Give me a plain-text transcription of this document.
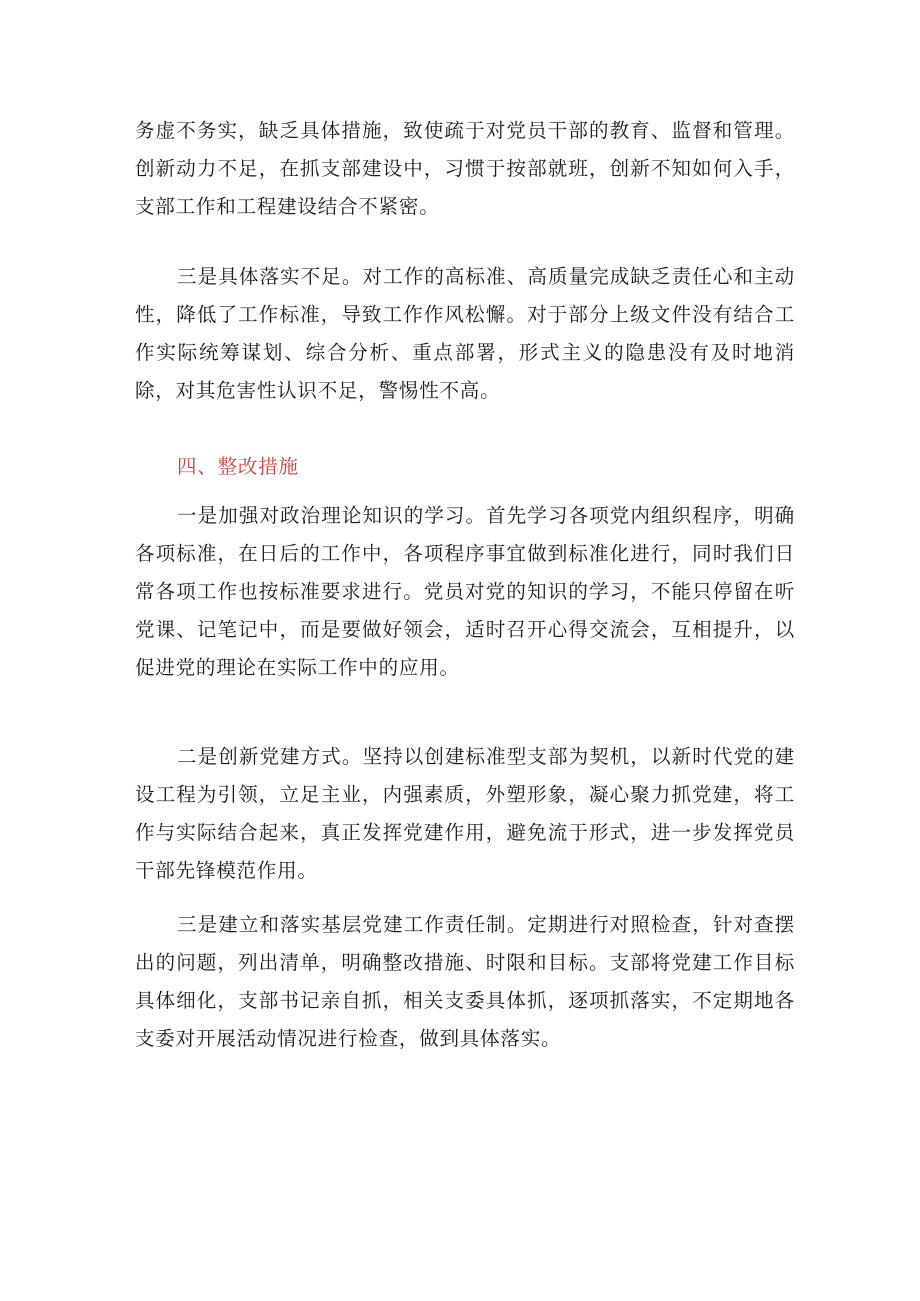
务虚不务实，缺乏具体措施，致使疏于对党员干部的教育、监督和管理。创新动力不足，在抓支部建设中，习惯于按部就班，创新不知如何入手，支部工作和工程建设结合不紧密。

三是具体落实不足。对工作的高标准、高质量完成缺乏责任心和主动性，降低了工作标准，导致工作作风松懈。对于部分上级文件没有结合工作实际统筹谋划、综合分析、重点部署，形式主义的隐患没有及时地消除，对其危害性认识不足，警惕性不高。

四、整改措施

一是加强对政治理论知识的学习。首先学习各项党内组织程序，明确各项标准，在日后的工作中，各项程序事宜做到标准化进行，同时我们日常各项工作也按标准要求进行。党员对党的知识的学习，不能只停留在听党课、记笔记中，而是要做好领会，适时召开心得交流会，互相提升，以促进党的理论在实际工作中的应用。

二是创新党建方式。坚持以创建标准型支部为契机，以新时代党的建设工程为引领，立足主业，内强素质，外塑形象，凝心聚力抓党建，将工作与实际结合起来，真正发挥党建作用，避免流于形式，进一步发挥党员干部先锋模范作用。

三是建立和落实基层党建工作责任制。定期进行对照检查，针对查摆出的问题，列出清单，明确整改措施、时限和目标。支部将党建工作目标具体细化，支部书记亲自抓，相关支委具体抓，逐项抓落实，不定期地各支委对开展活动情况进行检查，做到具体落实。
